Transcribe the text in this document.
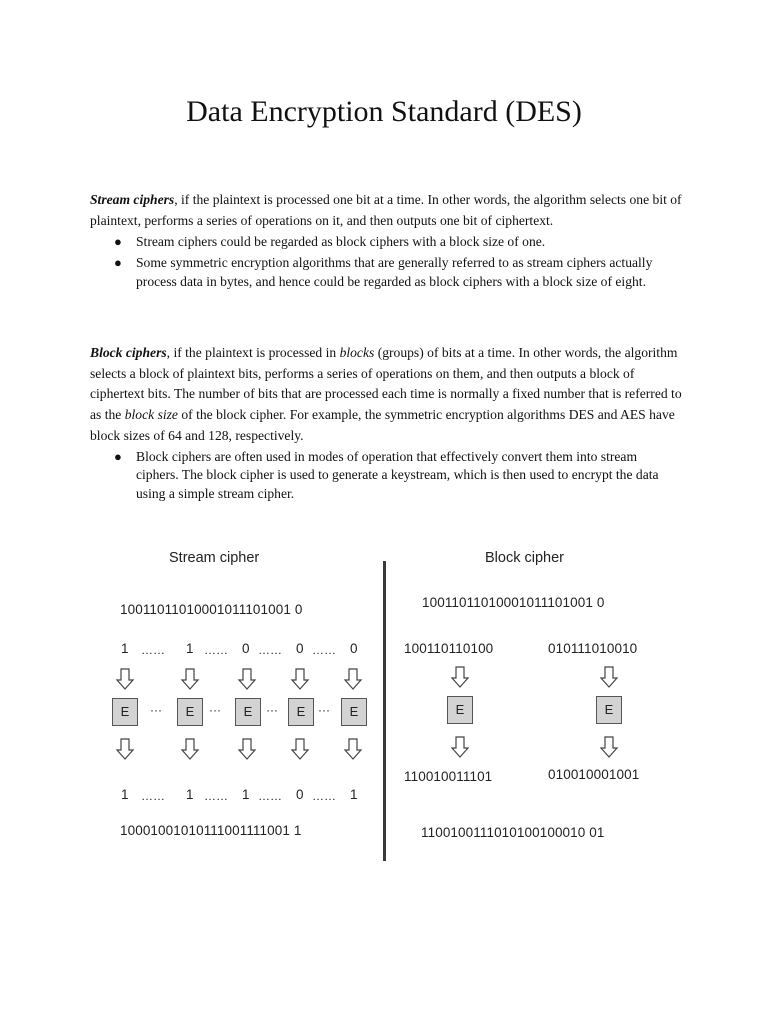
Data Encryption Standard (DES)

Stream ciphers, if the plaintext is processed one bit at a time. In other words, the algorithm selects one bit of plaintext, performs a series of operations on it, and then outputs one bit of ciphertext.

● Stream ciphers could be regarded as block ciphers with a block size of one.
● Some symmetric encryption algorithms that are generally referred to as stream ciphers actually process data in bytes, and hence could be regarded as block ciphers with a block size of eight.

Block ciphers, if the plaintext is processed in blocks (groups) of bits at a time. In other words, the algorithm selects a block of plaintext bits, performs a series of operations on them, and then outputs a block of ciphertext bits. The number of bits that are processed each time is normally a fixed number that is referred to as the block size of the block cipher. For example, the symmetric encryption algorithms DES and AES have block sizes of 64 and 128, respectively.

● Block ciphers are often used in modes of operation that effectively convert them into stream ciphers. The block cipher is used to generate a keystream, which is then used to encrypt the data using a simple stream cipher.
Stream cipher	Block cipher
10011011010001011101001 0
1 …… 1 …… 0 …… 0 …… 0
E	···	E	···	E	···	E	···	E
1 …… 1 …… 1 …… 0 …… 1
10001001010111001111001 1
10011011010001011101001 0
100110110100	010111010010
E	E
110010011101	010010001001
1100100111010100100010 01
